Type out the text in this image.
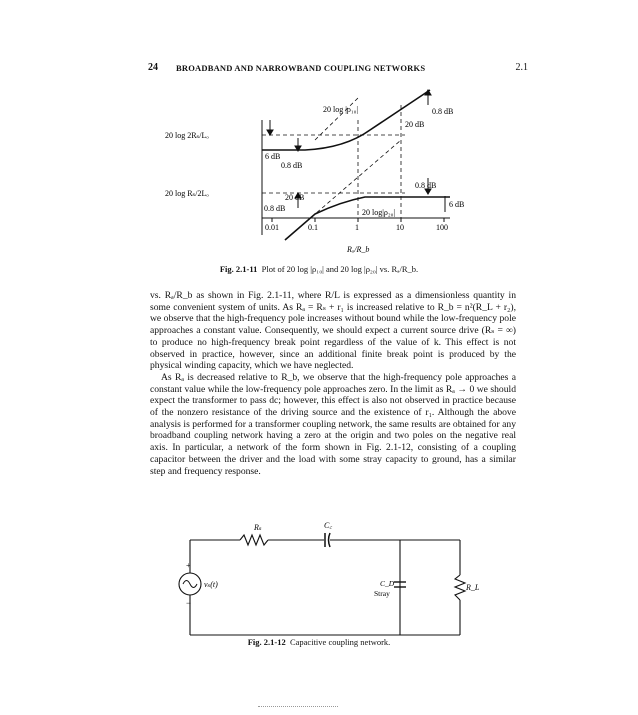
24 BROADBAND AND NARROWBAND COUPLING NETWORKS	2.1
20 log |ρ₁₀|
20 log|ρ₂₀|
20 log 2Rₛ/Lₒ
20 log Rₛ/2Lₒ
0.8 dB
20 dB
6 dB
0.8 dB
0.8 dB
20 dB
6 dB
0.8 dB
0.01	0.1	1	10	100
Rₐ/R_b
Fig. 2.1-11 Plot of 20 log |ρ₁₀| and 20 log |ρ₂₀| vs. Rₐ/R_b.

vs. Rₐ/R_b as shown in Fig. 2.1-11, where R/L is expressed as a dimensionless quantity in some convenient system of units. As Rₐ = Rₛ + r₁ is increased relative to R_b = n²(R_L + r₂), we observe that the high-frequency pole increases without bound while the low-frequency pole approaches a constant value. Consequently, we should expect a current source drive (Rₛ = ∞) to produce no high-frequency break point regardless of the value of k. This effect is not observed in practice, however, since an additional finite break point is produced by the physical winding capacity, which we have neglected.

As Rₐ is decreased relative to R_b, we observe that the high-frequency pole approaches a constant value while the low-frequency pole approaches zero. In the limit as Rₐ → 0 we should expect the transformer to pass dc; however, this effect is also not observed in practice because of the nonzero resistance of the driving source and the existence of r₁. Although the above analysis is performed for a transformer coupling network, the same results are obtained for any broadband coupling network having a zero at the origin and two poles on the negative real axis. In particular, a network of the form shown in Fig. 2.1-12, consisting of a coupling capacitor between the driver and the load with some stray capacity to ground, has a similar step and frequency response.

Rₛ	C꜀
+
−
vₛ(t)	C_D
Stray
R_L
Fig. 2.1-12 Capacitive coupling network.
